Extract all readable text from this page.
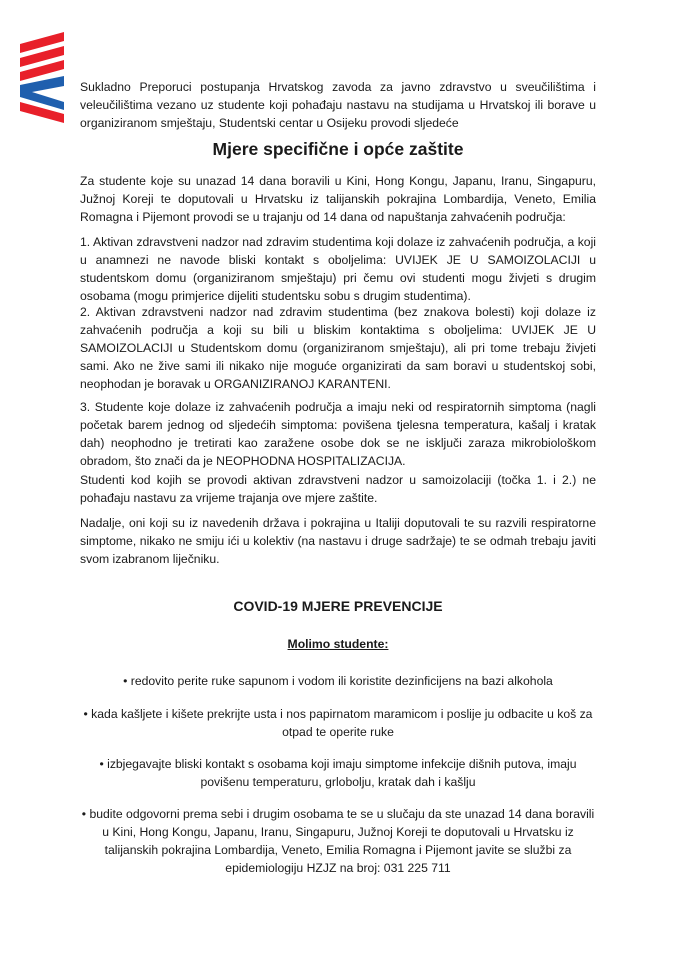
Sukladno Preporuci postupanja Hrvatskog zavoda za javno zdravstvo u sveučilištima i veleučilištima vezano uz studente koji pohađaju nastavu na studijama u Hrvatskoj ili borave u organiziranom smještaju, Studentski centar u Osijeku provodi sljedeće

Mjere specifične i opće zaštite

Za studente koje su unazad 14 dana boravili u Kini, Hong Kongu, Japanu, Iranu, Singapuru, Južnoj Koreji te doputovali u Hrvatsku iz talijanskih pokrajina Lombardija, Veneto, Emilia Romagna i Pijemont provodi se u trajanju od 14 dana od napuštanja zahvaćenih područja:

1. Aktivan zdravstveni nadzor nad zdravim studentima koji dolaze iz zahvaćenih područja, a koji u anamnezi ne navode bliski kontakt s oboljelima: UVIJEK JE U SAMOIZOLACIJI u studentskom domu (organiziranom smještaju) pri čemu ovi studenti mogu živjeti s drugim osobama (mogu primjerice dijeliti studentsku sobu s drugim studentima).

2. Aktivan zdravstveni nadzor nad zdravim studentima (bez znakova bolesti) koji dolaze iz zahvaćenih područja a koji su bili u bliskim kontaktima s oboljelima: UVIJEK JE U SAMOIZOLACIJI u Studentskom domu (organiziranom smještaju), ali pri tome trebaju živjeti sami. Ako ne žive sami ili nikako nije moguće organizirati da sam boravi u studentskoj sobi, neophodan je boravak u ORGANIZIRANOJ KARANTENI.

3. Studente koje dolaze iz zahvaćenih područja a imaju neki od respiratornih simptoma (nagli početak barem jednog od sljedećih simptoma: povišena tjelesna temperatura, kašalj i kratak dah) neophodno je tretirati kao zaražene osobe dok se ne isključi zaraza mikrobiološkom obradom, što znači da je NEOPHODNA HOSPITALIZACIJA.

Studenti kod kojih se provodi aktivan zdravstveni nadzor u samoizolaciji (točka 1. i 2.) ne pohađaju nastavu za vrijeme trajanja ove mjere zaštite.

Nadalje, oni koji su iz navedenih država i pokrajina u Italiji doputovali te su razvili respiratorne simptome, nikako ne smiju ići u kolektiv (na nastavu i druge sadržaje) te se odmah trebaju javiti svom izabranom liječniku.

COVID-19 MJERE PREVENCIJE

Molimo studente:

• redovito perite ruke sapunom i vodom ili koristite dezinficijens na bazi alkohola

• kada kašljete i kišete prekrijte usta i nos papirnatom maramicom i poslije ju odbacite u koš za otpad te operite ruke

• izbjegavajte bliski kontakt s osobama koji imaju simptome infekcije dišnih putova, imaju povišenu temperaturu, grlobolju, kratak dah i kašlju

• budite odgovorni prema sebi i drugim osobama te se u slučaju da ste unazad 14 dana boravili u Kini, Hong Kongu, Japanu, Iranu, Singapuru, Južnoj Koreji te doputovali u Hrvatsku iz talijanskih pokrajina Lombardija, Veneto, Emilia Romagna i Pijemont javite se službi za epidemiologiju HZJZ na broj: 031 225 711
